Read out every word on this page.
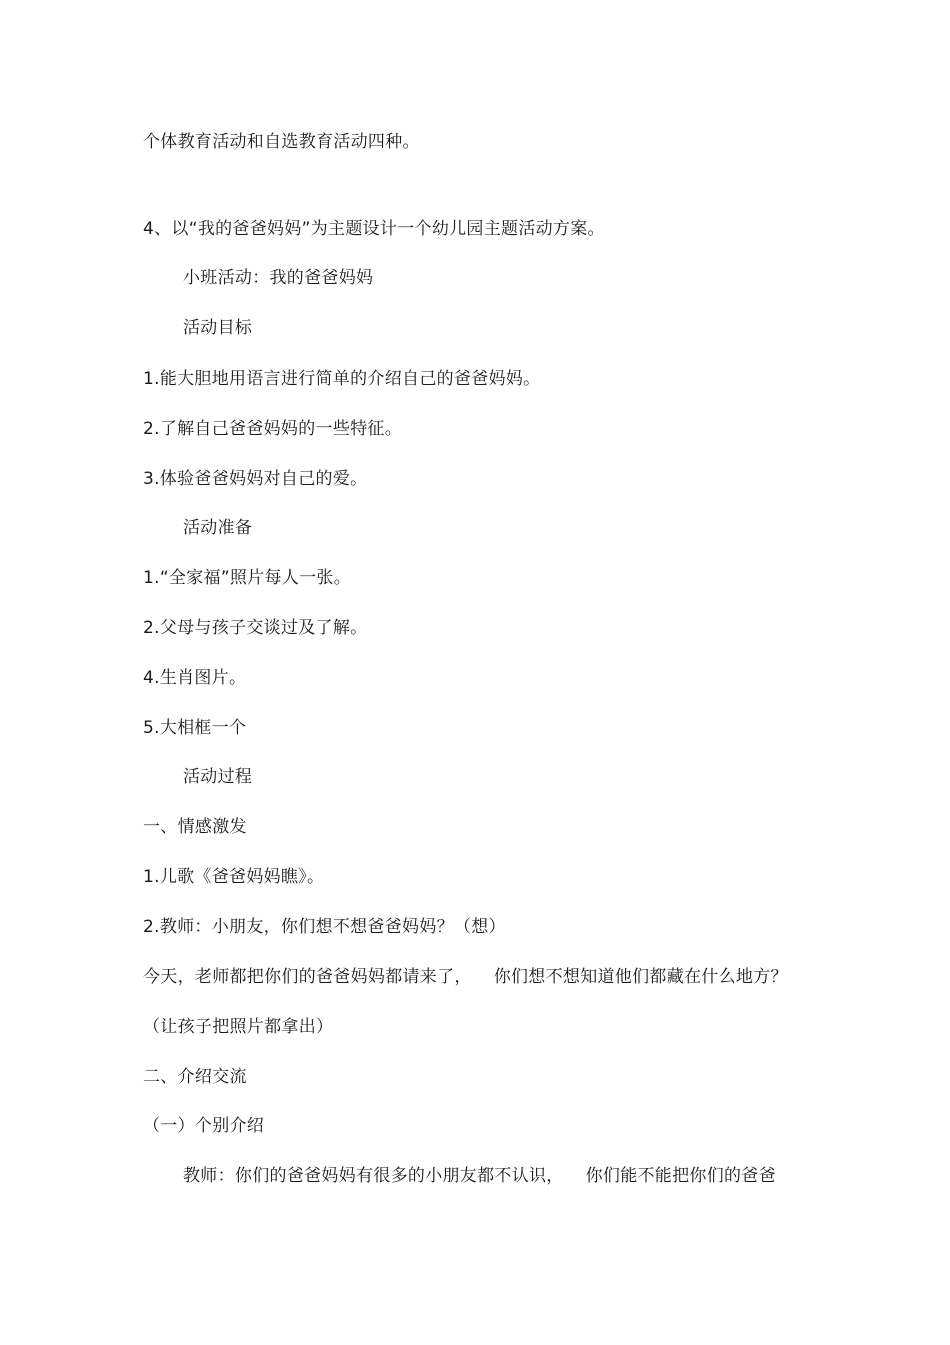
个体教育活动和自选教育活动四种。
4、以“我的爸爸妈妈”为主题设计一个幼儿园主题活动方案。
小班活动：我的爸爸妈妈
活动目标
1.能大胆地用语言进行简单的介绍自己的爸爸妈妈。
2.了解自己爸爸妈妈的一些特征。
3.体验爸爸妈妈对自己的爱。
活动准备
1.“全家福”照片每人一张。
2.父母与孩子交谈过及了解。
4.生肖图片。
5.大相框一个
活动过程
一、情感激发
1.儿歌《爸爸妈妈瞧》。
2.教师：小朋友，你们想不想爸爸妈妈？（想）
今天，老师都把你们的爸爸妈妈都请来了， 你们想不想知道他们都藏在什么地方？
（让孩子把照片都拿出）
二、介绍交流
（一）个别介绍
教师：你们的爸爸妈妈有很多的小朋友都不认识， 你们能不能把你们的爸爸
